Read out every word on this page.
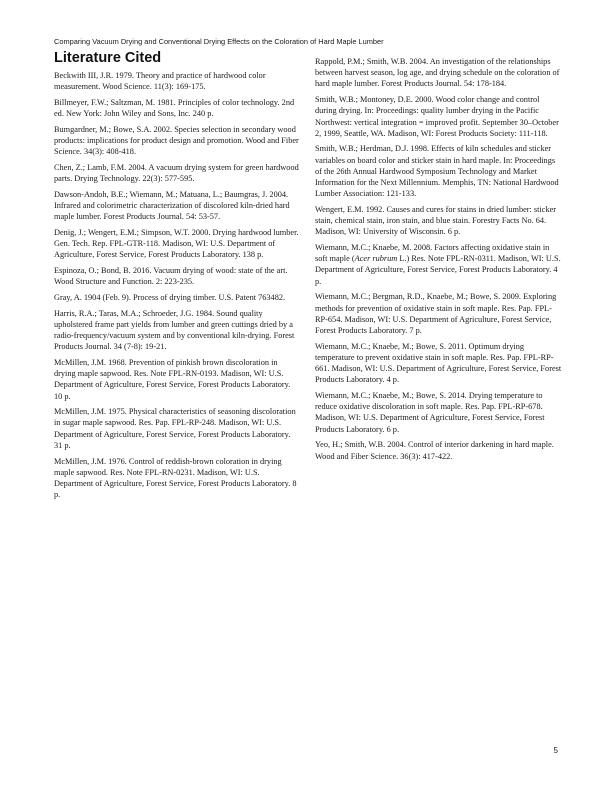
Comparing Vacuum Drying and Conventional Drying Effects on the Coloration of Hard Maple Lumber
Literature Cited
Beckwith III, J.R. 1979. Theory and practice of hardwood color measurement. Wood Science. 11(3): 169-175.
Billmeyer, F.W.; Saltzman, M. 1981. Principles of color technology. 2nd ed. New York: John Wiley and Sons, Inc. 240 p.
Bumgardner, M.; Bowe, S.A. 2002. Species selection in secondary wood products: implications for product design and promotion. Wood and Fiber Science. 34(3): 408-418.
Chen, Z.; Lamb, F.M. 2004. A vacuum drying system for green hardwood parts. Drying Technology. 22(3): 577-595.
Dawson-Andoh, B.E.; Wiemann, M.; Matuana, L.; Baumgras, J. 2004. Infrared and colorimetric characterization of discolored kiln-dried hard maple lumber. Forest Products Journal. 54: 53-57.
Denig, J.; Wengert, E.M.; Simpson, W.T. 2000. Drying hardwood lumber. Gen. Tech. Rep. FPL-GTR-118. Madison, WI: U.S. Department of Agriculture, Forest Service, Forest Products Laboratory. 138 p.
Espinoza, O.; Bond, B. 2016. Vacuum drying of wood: state of the art. Wood Structure and Function. 2: 223-235.
Gray, A. 1904 (Feb. 9). Process of drying timber. U.S. Patent 763482.
Harris, R.A.; Taras, M.A.; Schroeder, J.G. 1984. Sound quality upholstered frame part yields from lumber and green cuttings dried by a radio-frequency/vacuum system and by conventional kiln-drying. Forest Products Journal. 34 (7-8): 19-21.
McMillen, J.M. 1968. Prevention of pinkish brown discoloration in drying maple sapwood. Res. Note FPL-RN-0193. Madison, WI: U.S. Department of Agriculture, Forest Service, Forest Products Laboratory. 10 p.
McMillen, J.M. 1975. Physical characteristics of seasoning discoloration in sugar maple sapwood. Res. Pap. FPL-RP-248. Madison, WI: U.S. Department of Agriculture, Forest Service, Forest Products Laboratory. 31 p.
McMillen, J.M. 1976. Control of reddish-brown coloration in drying maple sapwood. Res. Note FPL-RN-0231. Madison, WI: U.S. Department of Agriculture, Forest Service, Forest Products Laboratory. 8 p.
Rappold, P.M.; Smith, W.B. 2004. An investigation of the relationships between harvest season, log age, and drying schedule on the coloration of hard maple lumber. Forest Products Journal. 54: 178-184.
Smith, W.B.; Montoney, D.E. 2000. Wood color change and control during drying. In: Proceedings: quality lumber drying in the Pacific Northwest: vertical integration = improved profit. September 30–October 2, 1999, Seattle, WA. Madison, WI: Forest Products Society: 111-118.
Smith, W.B.; Herdman, D.J. 1998. Effects of kiln schedules and sticker variables on board color and sticker stain in hard maple. In: Proceedings of the 26th Annual Hardwood Symposium Technology and Market Information for the Next Millennium. Memphis, TN: National Hardwood Lumber Association: 121-133.
Wengert, E.M. 1992. Causes and cures for stains in dried lumber: sticker stain, chemical stain, iron stain, and blue stain. Forestry Facts No. 64. Madison, WI: University of Wisconsin. 6 p.
Wiemann, M.C.; Knaebe, M. 2008. Factors affecting oxidative stain in soft maple (Acer rubrum L.) Res. Note FPL-RN-0311. Madison, WI: U.S. Department of Agriculture, Forest Service, Forest Products Laboratory. 4 p.
Wiemann, M.C.; Bergman, R.D., Knaebe, M.; Bowe, S. 2009. Exploring methods for prevention of oxidative stain in soft maple. Res. Pap. FPL-RP-654. Madison, WI: U.S. Department of Agriculture, Forest Service, Forest Products Laboratory. 7 p.
Wiemann, M.C.; Knaebe, M.; Bowe, S. 2011. Optimum drying temperature to prevent oxidative stain in soft maple. Res. Pap. FPL-RP-661. Madison, WI: U.S. Department of Agriculture, Forest Service, Forest Products Laboratory. 4 p.
Wiemann, M.C.; Knaebe, M.; Bowe, S. 2014. Drying temperature to reduce oxidative discoloration in soft maple. Res. Pap. FPL-RP-678. Madison, WI: U.S. Department of Agriculture, Forest Service, Forest Products Laboratory. 6 p.
Yeo, H.; Smith, W.B. 2004. Control of interior darkening in hard maple. Wood and Fiber Science. 36(3): 417-422.
5
